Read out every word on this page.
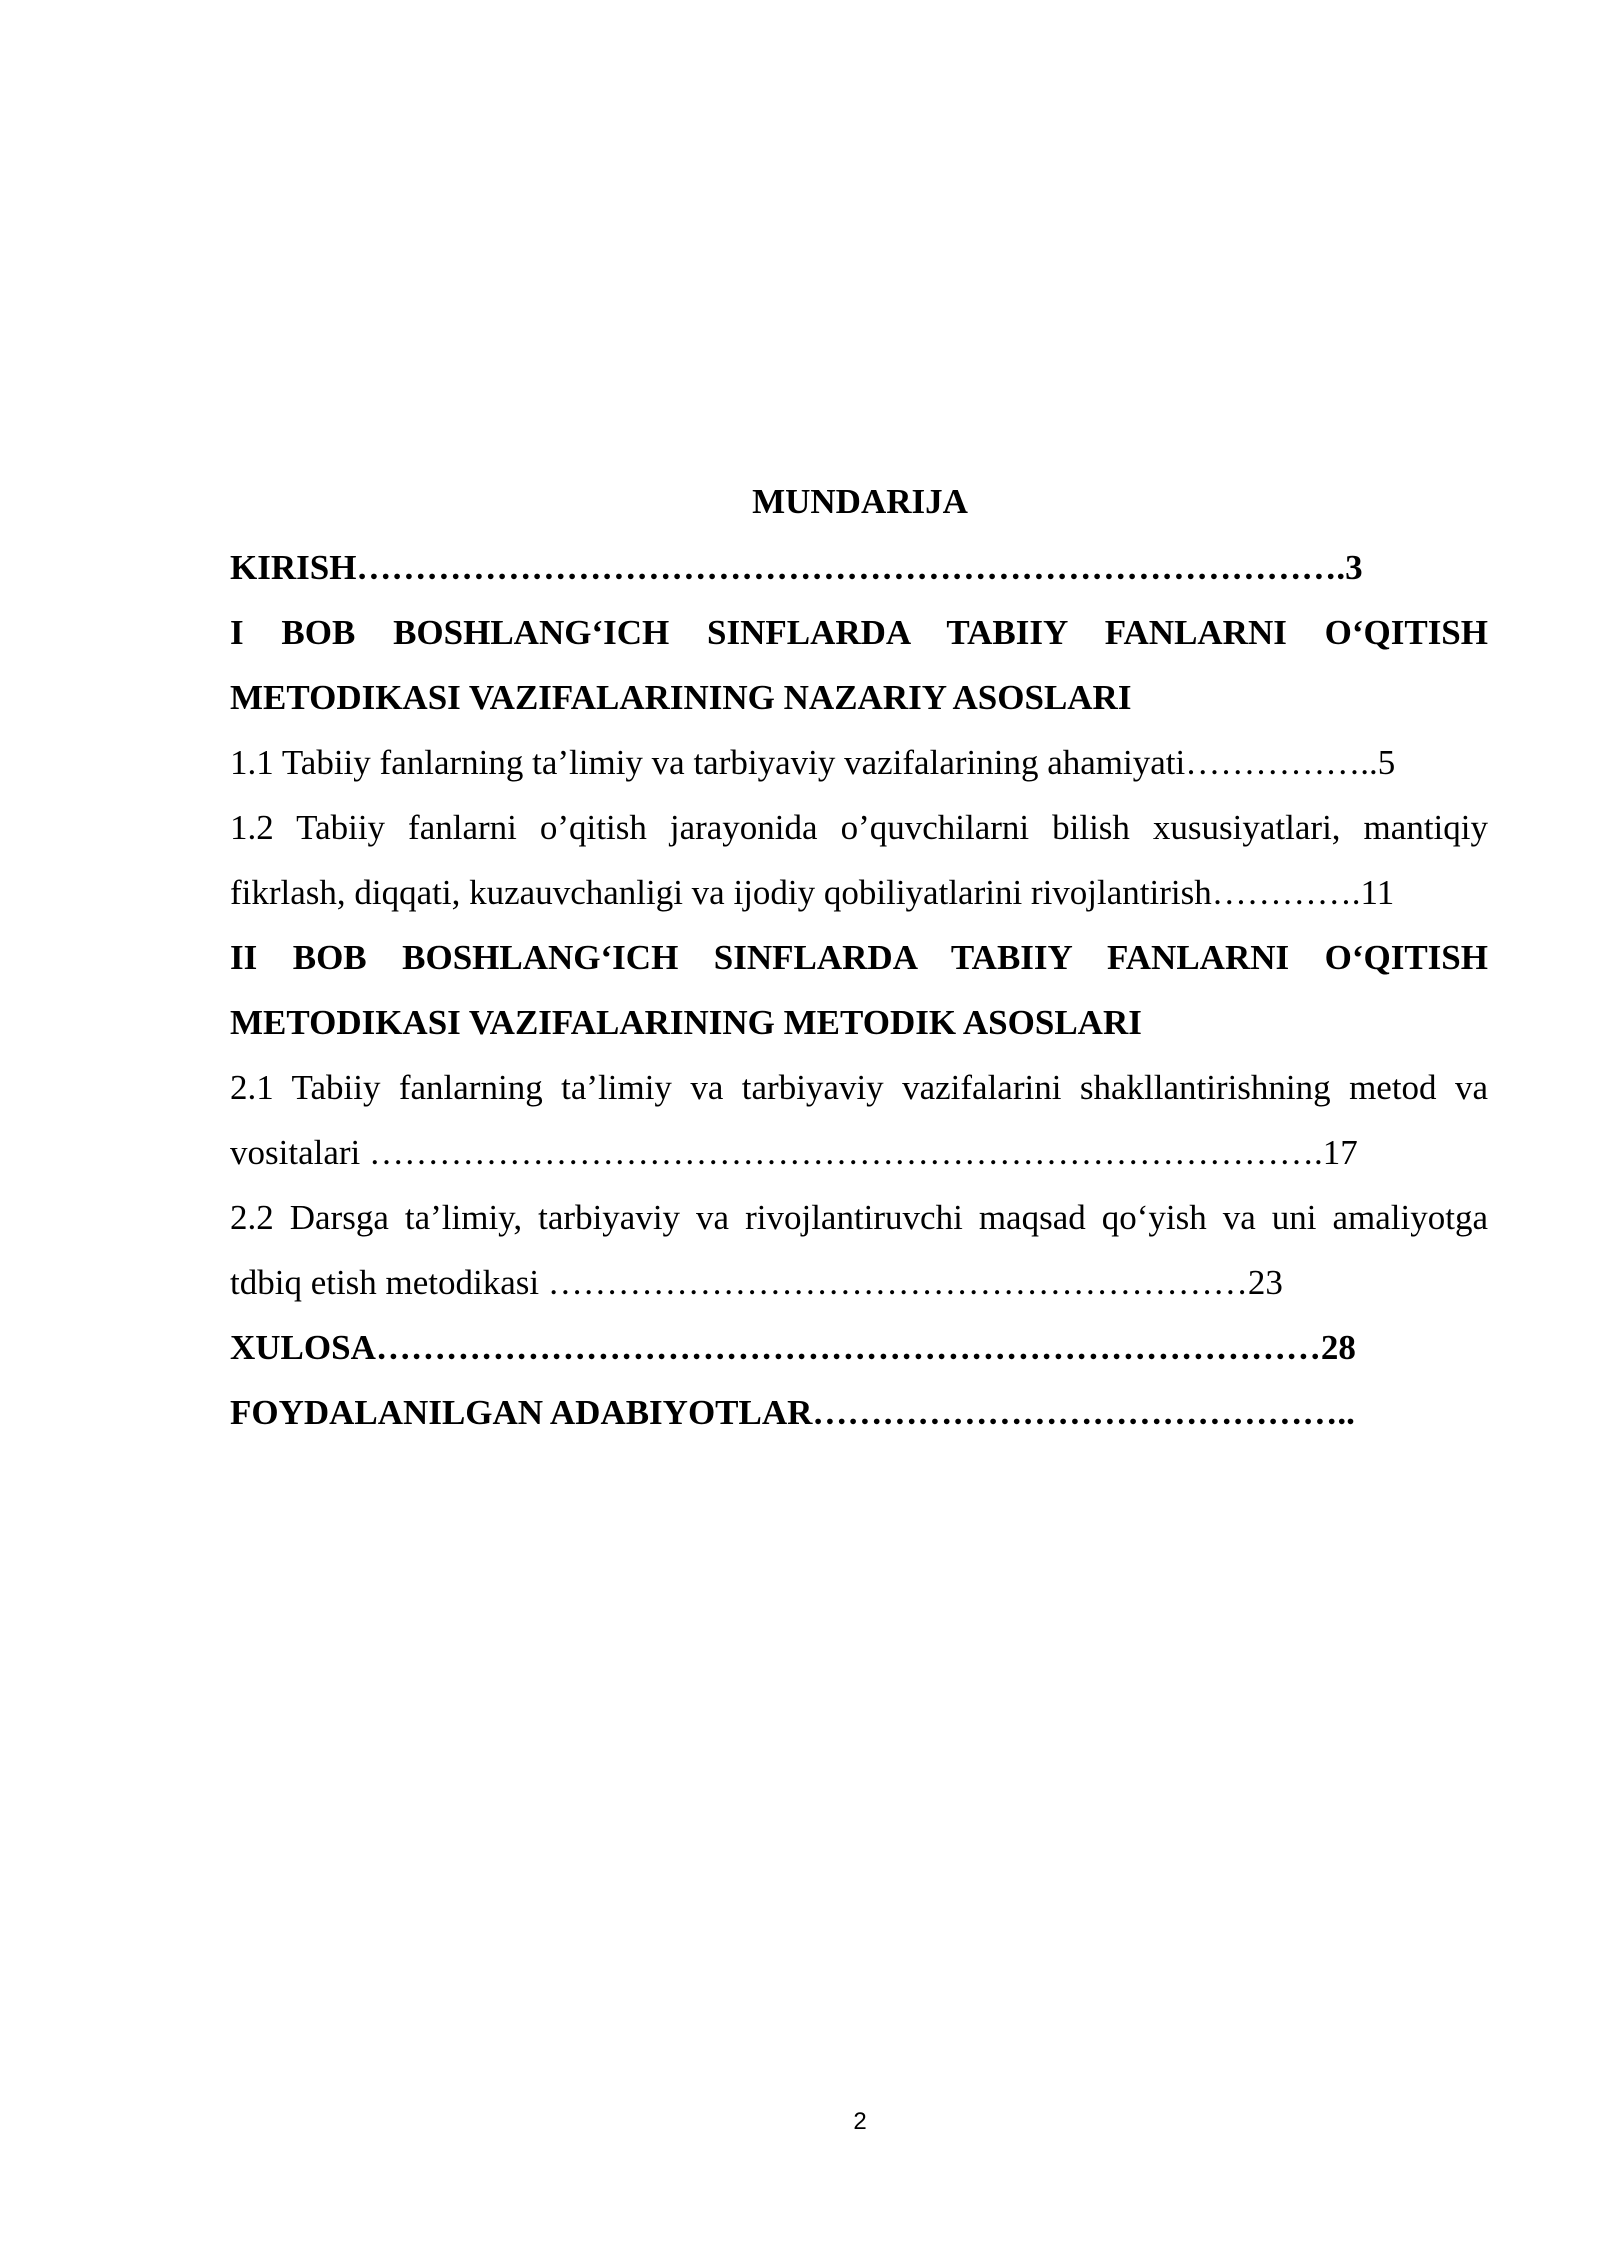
MUNDARIJA
KIRISH………………………………………………………………………….3
I BOB BOSHLANG‘ICH SINFLARDA TABIIY FANLARNI O‘QITISH
METODIKASI VAZIFALARINING NAZARIY ASOSLARI
1.1 Tabiiy fanlarning ta’limiy va tarbiyaviy vazifalarining ahamiyati……………..5
1.2 Tabiiy fanlarni o’qitish jarayonida o’quvchilarni bilish xususiyatlari, mantiqiy
fikrlash, diqqati, kuzauvchanligi va ijodiy qobiliyatlarini rivojlantirish………….11
II BOB BOSHLANG‘ICH SINFLARDA TABIIY FANLARNI O‘QITISH
METODIKASI VAZIFALARINING METODIK ASOSLARI
2.1 Tabiiy fanlarning ta’limiy va tarbiyaviy vazifalarini shakllantirishning metod va
vositalari ……………………………………………………………………….17
2.2 Darsga ta’limiy, tarbiyaviy va rivojlantiruvchi maqsad qo‘yish va uni amaliyotga
tdbiq etish metodikasi ……………………………………………………23
XULOSA………………………………………………………………………28
FOYDALANILGAN ADABIYOTLAR………………………………………..
2
